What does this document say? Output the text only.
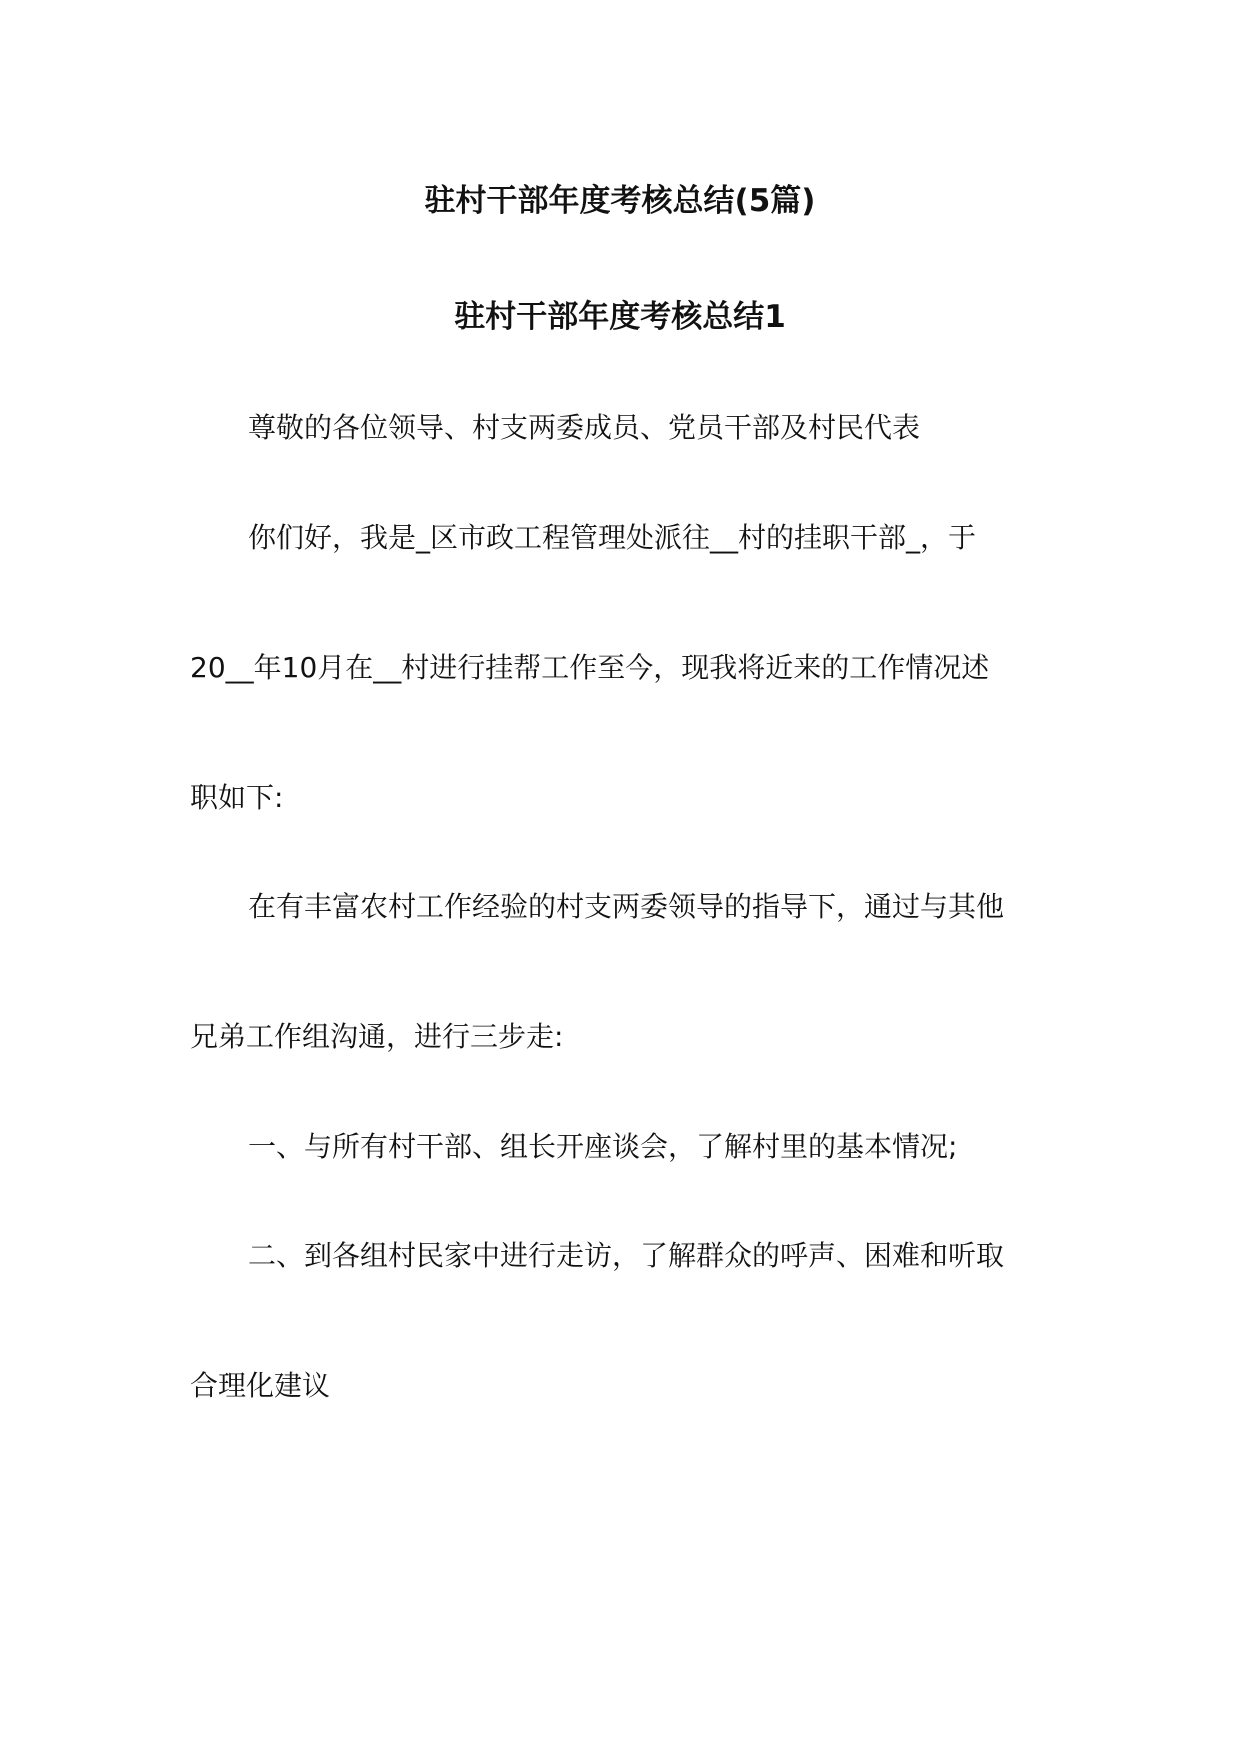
驻村干部年度考核总结(5篇)
驻村干部年度考核总结1
尊敬的各位领导、村支两委成员、党员干部及村民代表
你们好，我是_区市政工程管理处派往__村的挂职干部_，于
20__年10月在__村进行挂帮工作至今，现我将近来的工作情况述
职如下:
在有丰富农村工作经验的村支两委领导的指导下，通过与其他
兄弟工作组沟通，进行三步走:
一、与所有村干部、组长开座谈会，了解村里的基本情况;
二、到各组村民家中进行走访，了解群众的呼声、困难和听取
合理化建议
